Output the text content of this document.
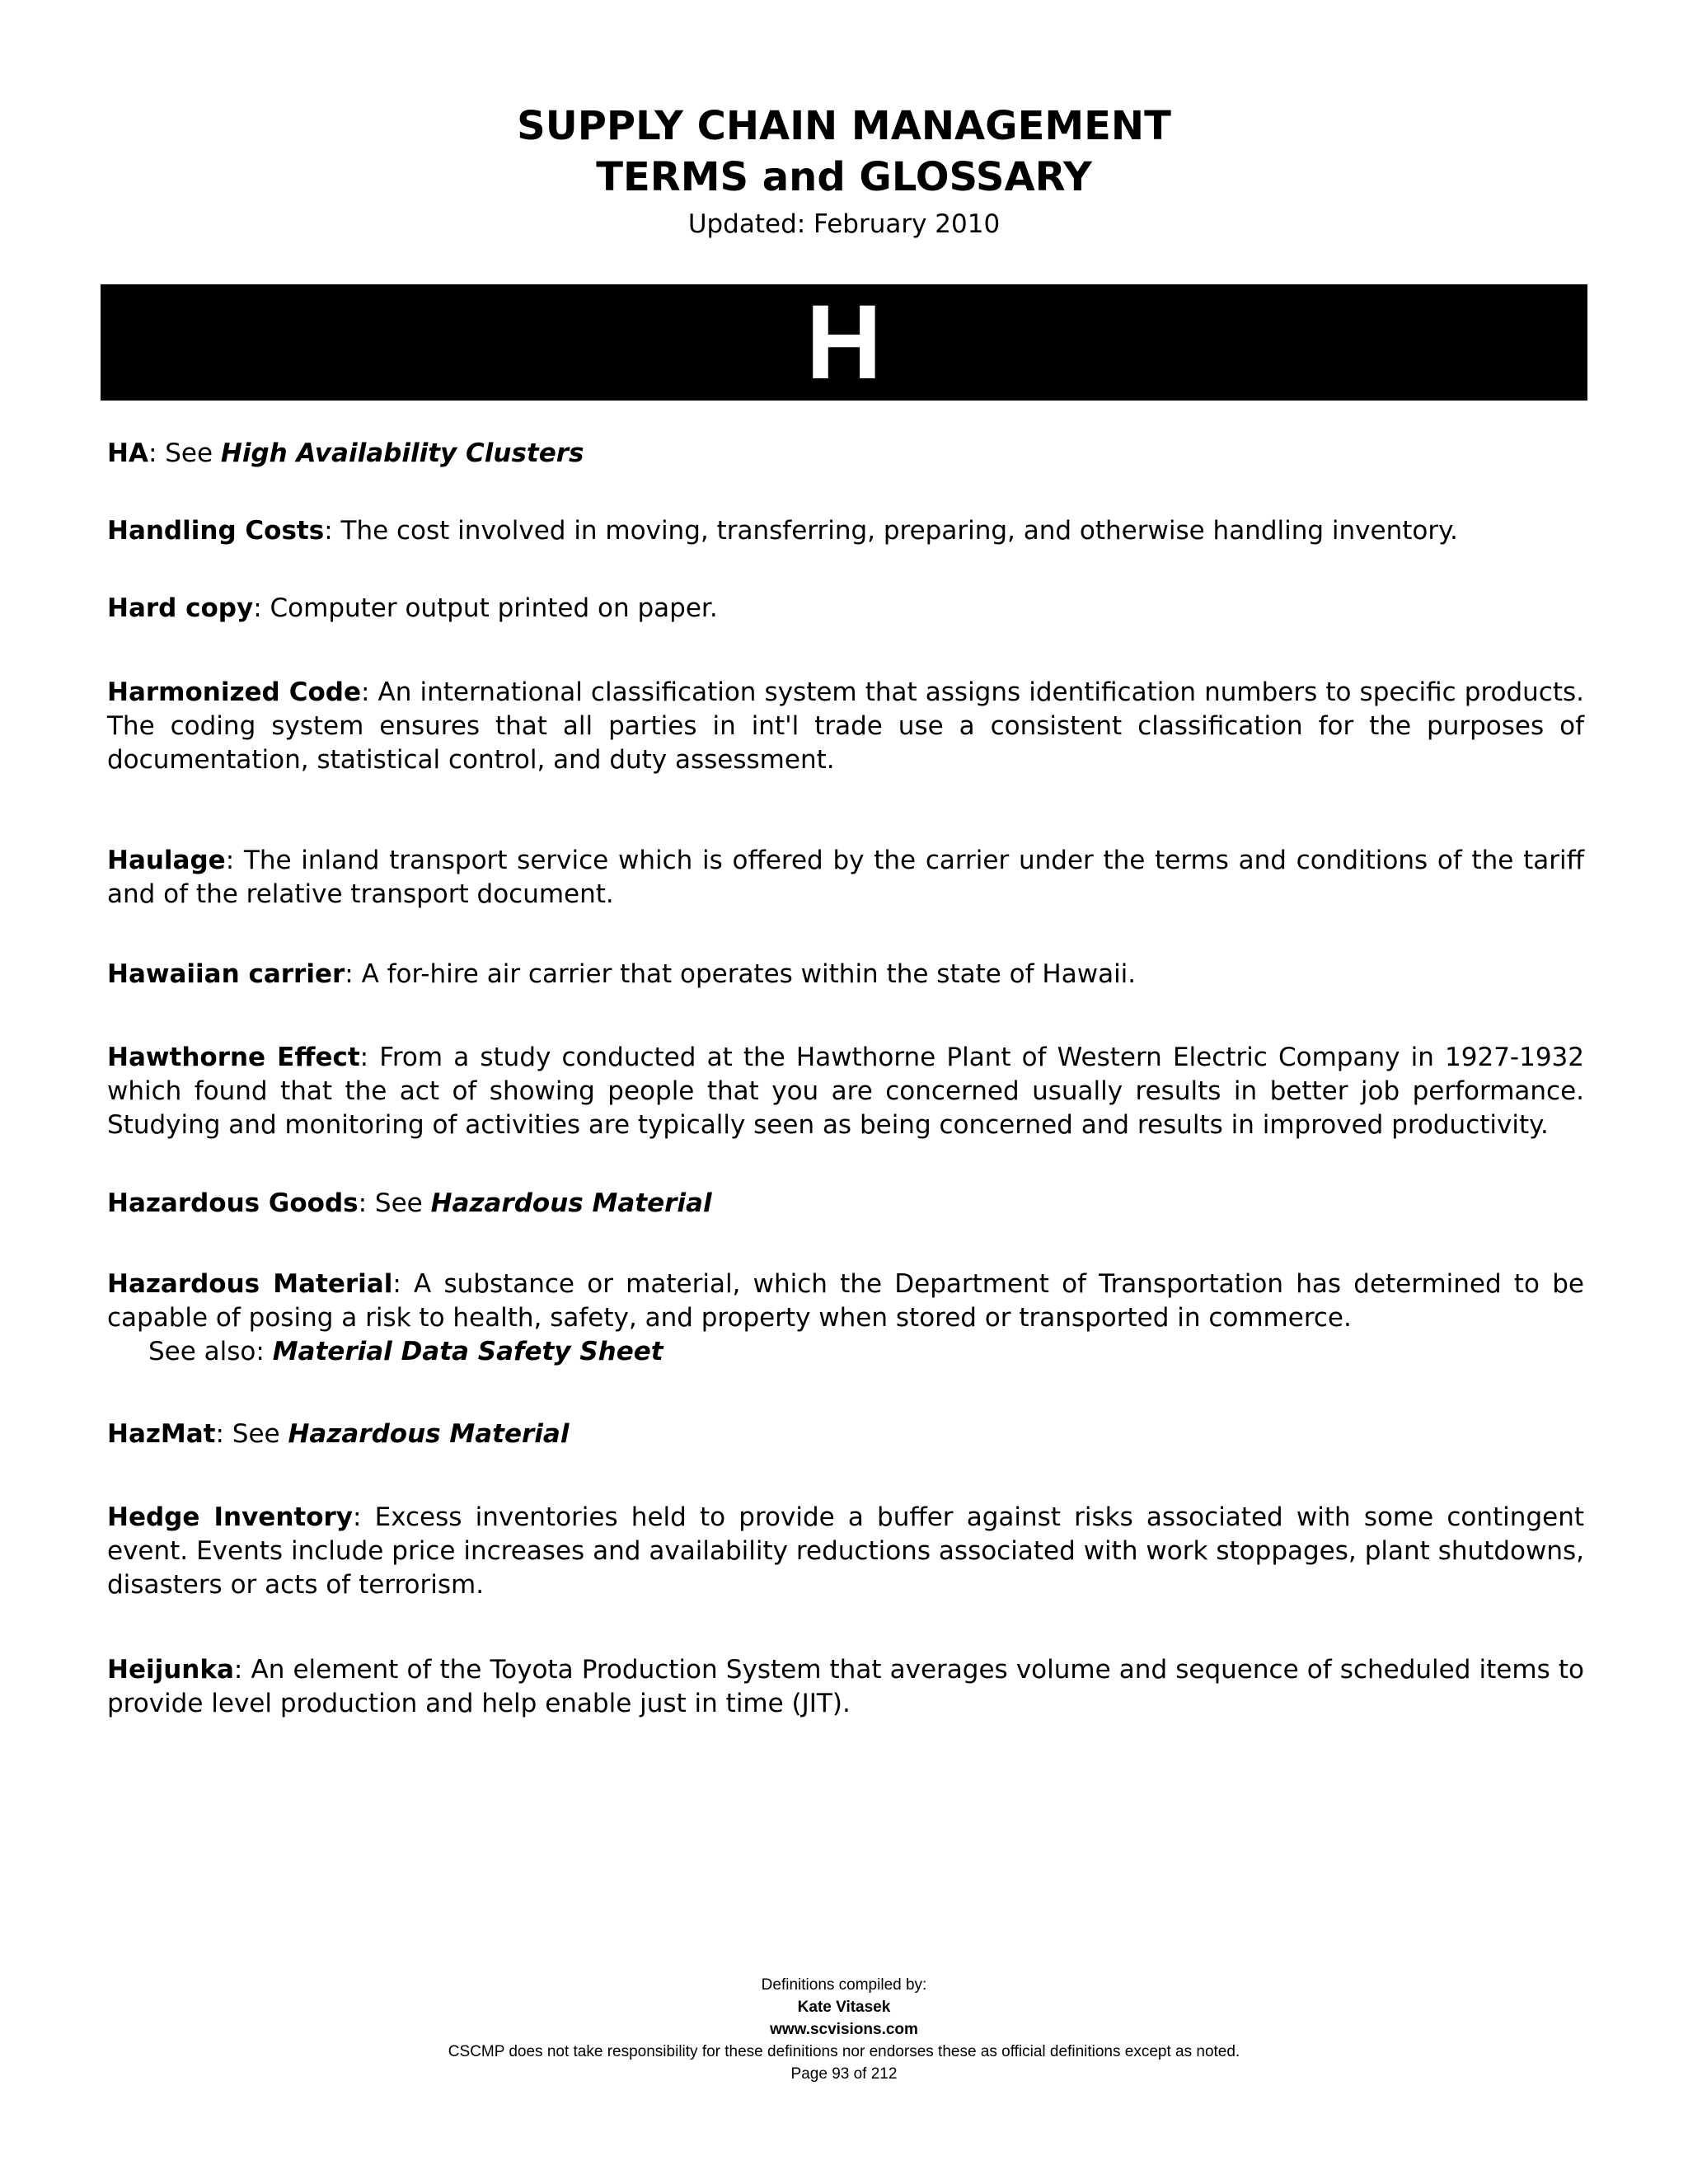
SUPPLY CHAIN MANAGEMENT
TERMS and GLOSSARY
Updated: February 2010
H

HA: See High Availability Clusters

Handling Costs: The cost involved in moving, transferring, preparing, and otherwise handling inventory.

Hard copy: Computer output printed on paper.

Harmonized Code: An international classification system that assigns identification numbers to specific products. The coding system ensures that all parties in int'l trade use a consistent classification for the purposes of documentation, statistical control, and duty assessment.

Haulage: The inland transport service which is offered by the carrier under the terms and conditions of the tariff and of the relative transport document.

Hawaiian carrier: A for-hire air carrier that operates within the state of Hawaii.

Hawthorne Effect: From a study conducted at the Hawthorne Plant of Western Electric Company in 1927-1932 which found that the act of showing people that you are concerned usually results in better job performance. Studying and monitoring of activities are typically seen as being concerned and results in improved productivity.

Hazardous Goods: See Hazardous Material

Hazardous Material: A substance or material, which the Department of Transportation has determined to be capable of posing a risk to health, safety, and property when stored or transported in commerce.

See also: Material Data Safety Sheet

HazMat: See Hazardous Material

Hedge Inventory: Excess inventories held to provide a buffer against risks associated with some contingent event. Events include price increases and availability reductions associated with work stoppages, plant shutdowns, disasters or acts of terrorism.

Heijunka: An element of the Toyota Production System that averages volume and sequence of scheduled items to provide level production and help enable just in time (JIT).

Definitions compiled by:
Kate Vitasek
www.scvisions.com
CSCMP does not take responsibility for these definitions nor endorses these as official definitions except as noted.
Page 93 of 212
